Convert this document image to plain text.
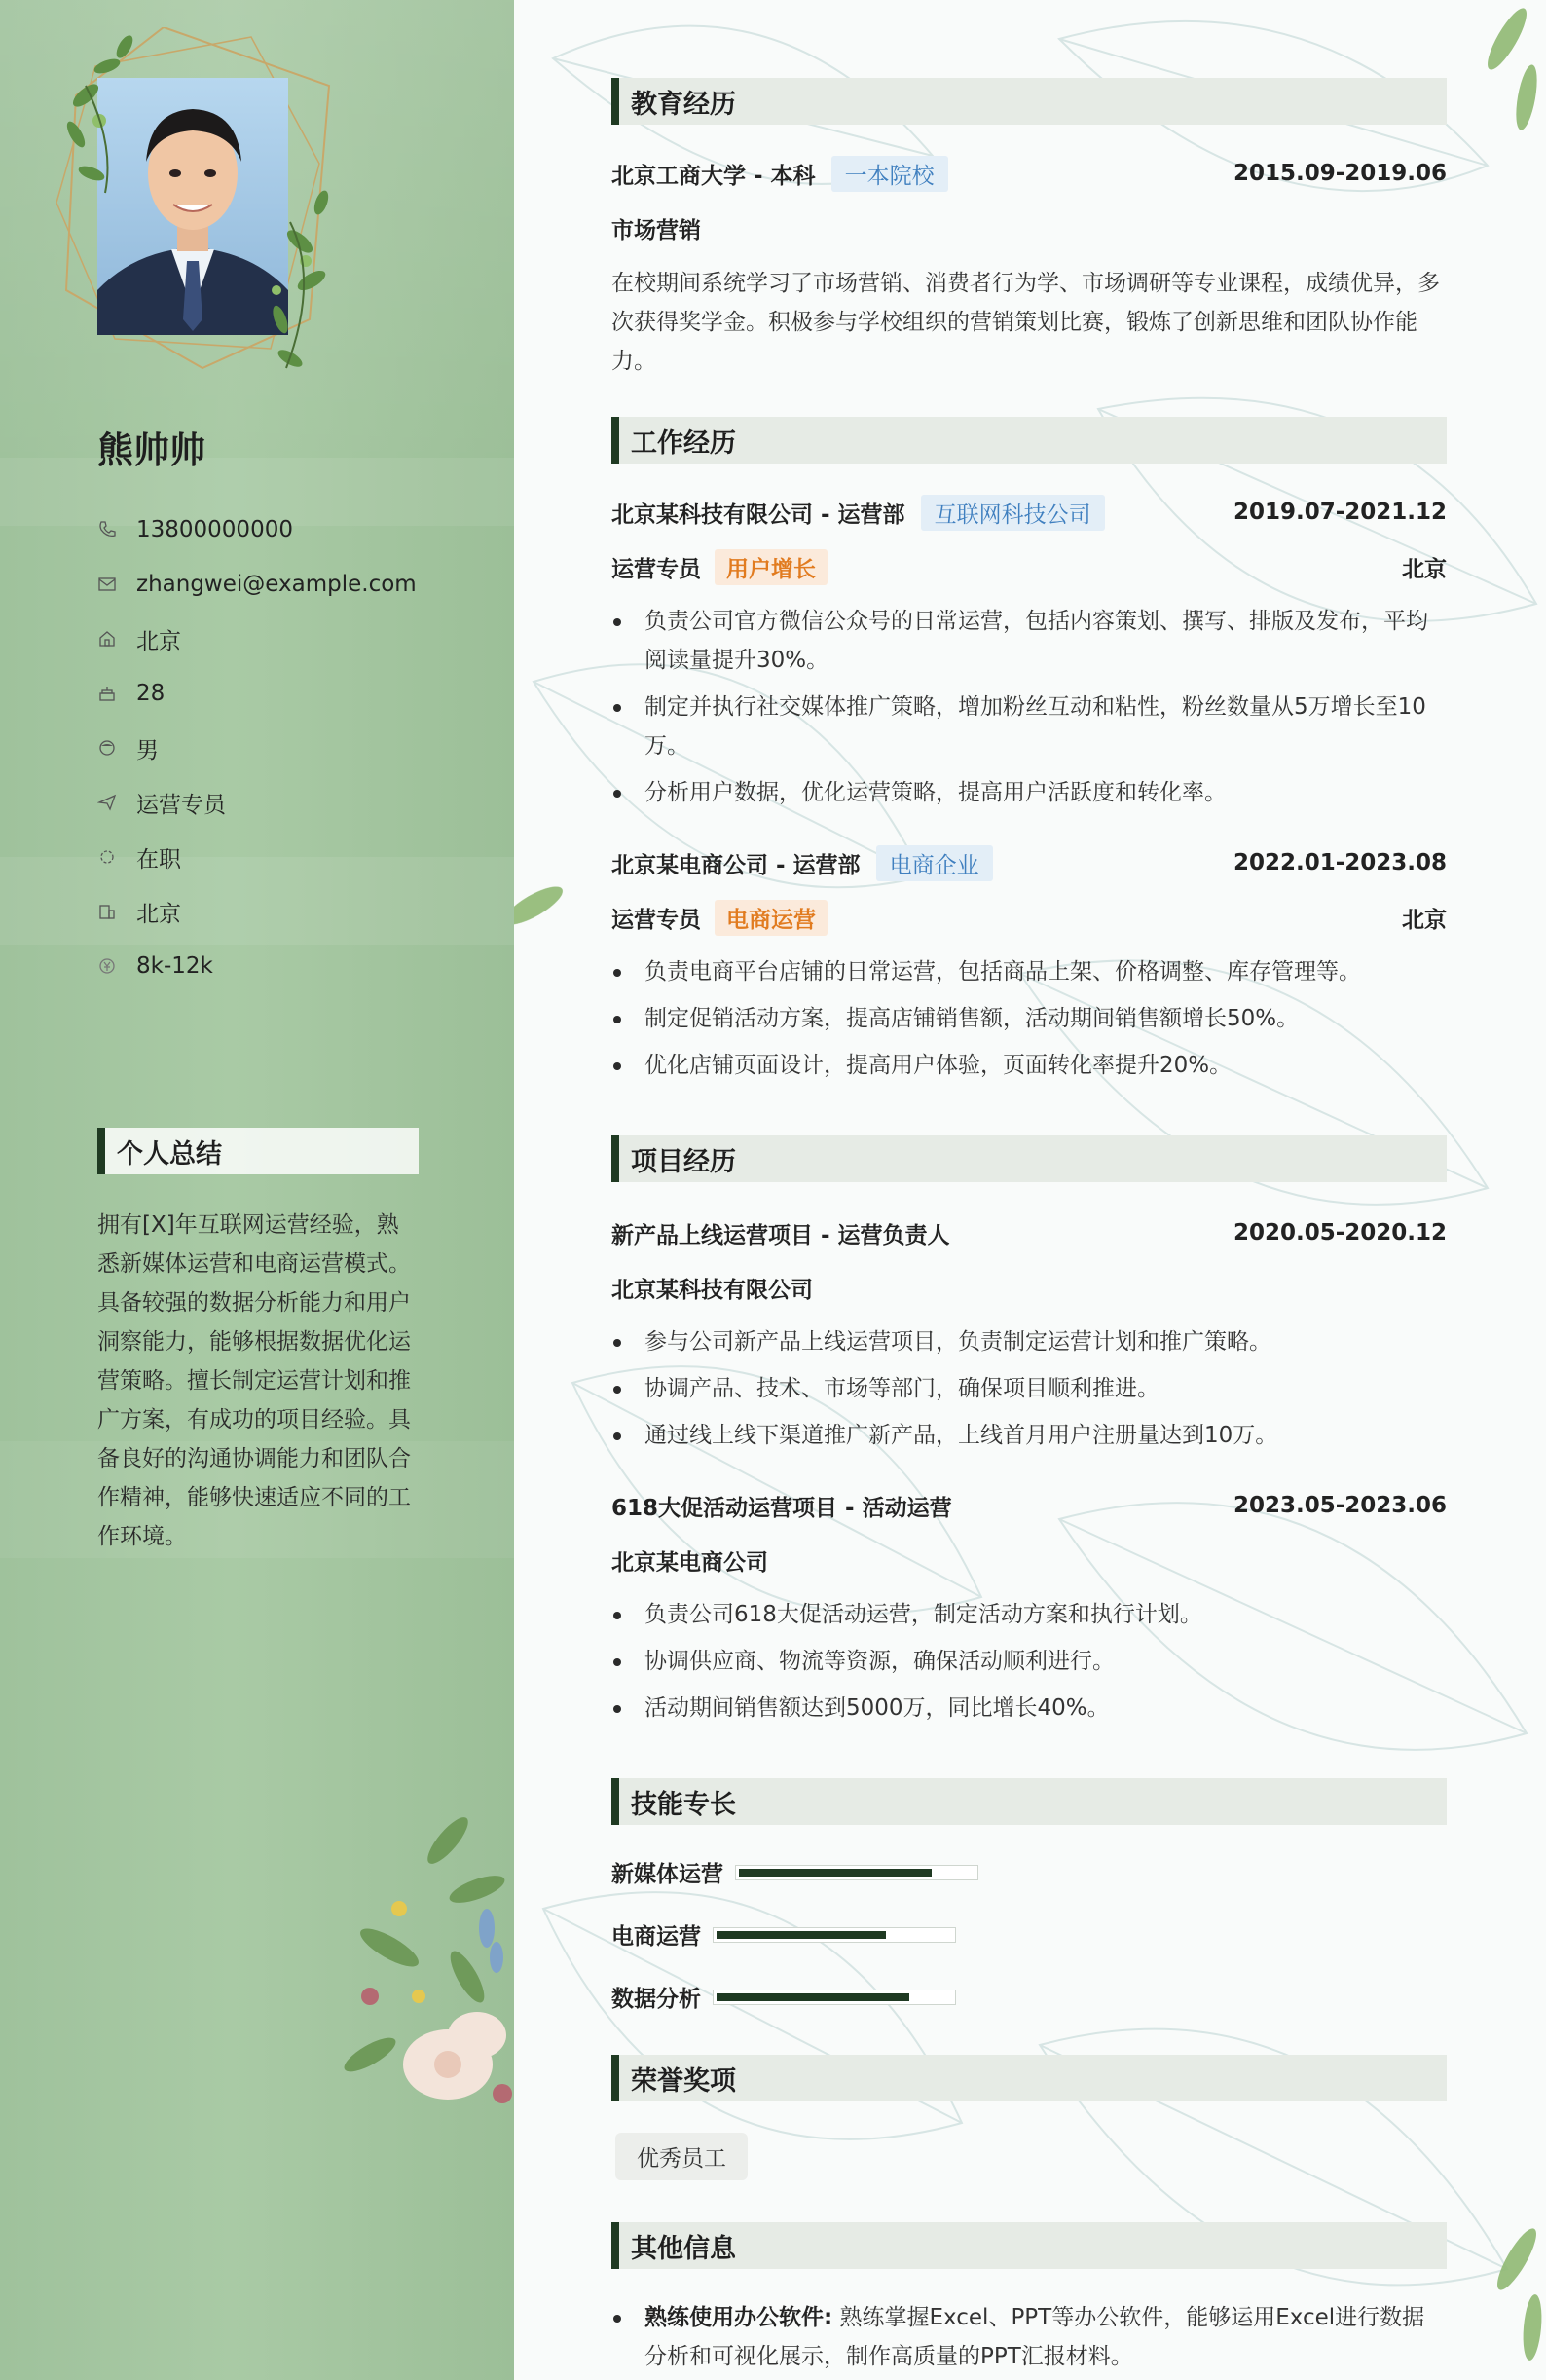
熊帅帅
13800000000
zhangwei@example.com
北京
28
男
运营专员
在职
北京
8k-12k
个人总结
拥有[X]年互联网运营经验，熟悉新媒体运营和电商运营模式。具备较强的数据分析能力和用户洞察能力，能够根据数据优化运营策略。擅长制定运营计划和推广方案，有成功的项目经验。具备良好的沟通协调能力和团队合作精神，能够快速适应不同的工作环境。
教育经历
北京工商大学 - 本科	一本院校	2015.09-2019.06
市场营销
在校期间系统学习了市场营销、消费者行为学、市场调研等专业课程，成绩优异，多次获得奖学金。积极参与学校组织的营销策划比赛，锻炼了创新思维和团队协作能力。
工作经历
北京某科技有限公司 - 运营部	互联网科技公司	2019.07-2021.12
运营专员	用户增长	北京
负责公司官方微信公众号的日常运营，包括内容策划、撰写、排版及发布，平均阅读量提升30%。
制定并执行社交媒体推广策略，增加粉丝互动和粘性，粉丝数量从5万增长至10万。
分析用户数据，优化运营策略，提高用户活跃度和转化率。
北京某电商公司 - 运营部	电商企业	2022.01-2023.08
运营专员	电商运营	北京
负责电商平台店铺的日常运营，包括商品上架、价格调整、库存管理等。
制定促销活动方案，提高店铺销售额，活动期间销售额增长50%。
优化店铺页面设计，提高用户体验，页面转化率提升20%。
项目经历
新产品上线运营项目 - 运营负责人	2020.05-2020.12
北京某科技有限公司
参与公司新产品上线运营项目，负责制定运营计划和推广策略。
协调产品、技术、市场等部门，确保项目顺利推进。
通过线上线下渠道推广新产品，上线首月用户注册量达到10万。
618大促活动运营项目 - 活动运营	2023.05-2023.06
北京某电商公司
负责公司618大促活动运营，制定活动方案和执行计划。
协调供应商、物流等资源，确保活动顺利进行。
活动期间销售额达到5000万，同比增长40%。
技能专长
新媒体运营
电商运营
数据分析
荣誉奖项
优秀员工
其他信息
熟练使用办公软件: 熟练掌握Excel、PPT等办公软件，能够运用Excel进行数据分析和可视化展示，制作高质量的PPT汇报材料。
